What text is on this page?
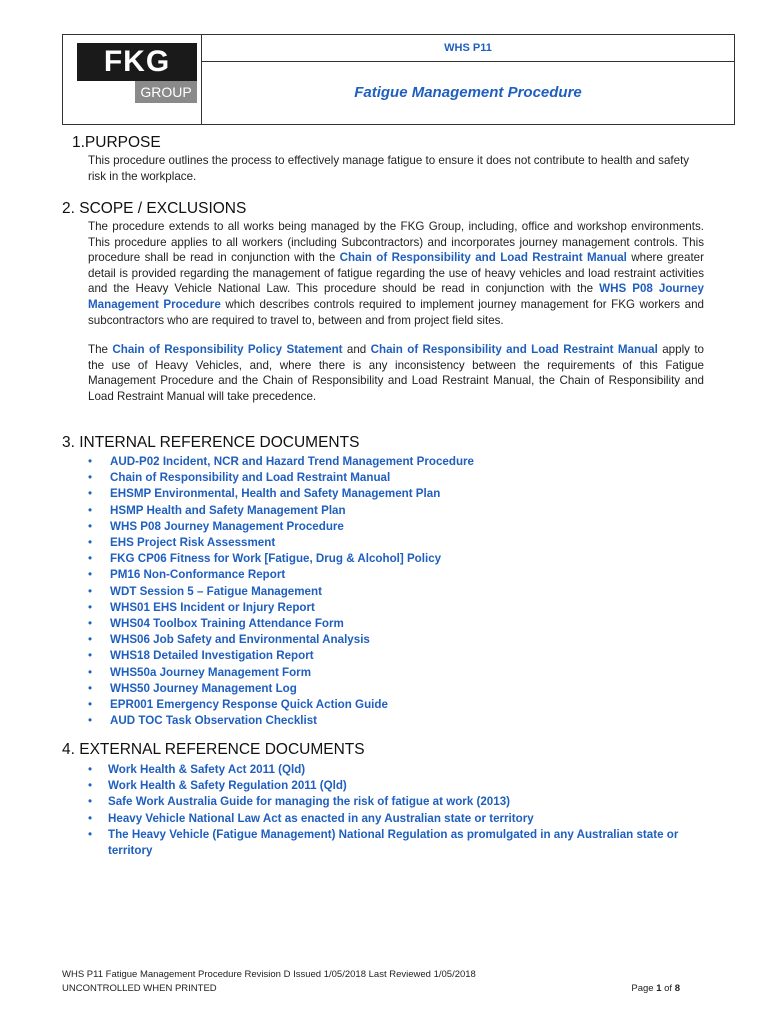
FKG
GROUP
WHS P11
Fatigue Management Procedure
1.PURPOSE
This procedure outlines the process to effectively manage fatigue to ensure it does not contribute to health and safety risk in the workplace.
2. SCOPE / EXCLUSIONS
The procedure extends to all works being managed by the FKG Group, including, office and workshop environments. This procedure applies to all workers (including Subcontractors) and incorporates journey management controls. This procedure shall be read in conjunction with the Chain of Responsibility and Load Restraint Manual where greater detail is provided regarding the management of fatigue regarding the use of heavy vehicles and load restraint activities and the Heavy Vehicle National Law. This procedure should be read in conjunction with the WHS P08 Journey Management Procedure which describes controls required to implement journey management for FKG workers and subcontractors who are required to travel to, between and from project field sites.
The Chain of Responsibility Policy Statement and Chain of Responsibility and Load Restraint Manual apply to the use of Heavy Vehicles, and, where there is any inconsistency between the requirements of this Fatigue Management Procedure and the Chain of Responsibility and Load Restraint Manual, the Chain of Responsibility and Load Restraint Manual will take precedence.
3. INTERNAL REFERENCE DOCUMENTS
• AUD-P02 Incident, NCR and Hazard Trend Management Procedure
• Chain of Responsibility and Load Restraint Manual
• EHSMP Environmental, Health and Safety Management Plan
• HSMP Health and Safety Management Plan
• WHS P08 Journey Management Procedure
• EHS Project Risk Assessment
• FKG CP06 Fitness for Work [Fatigue, Drug & Alcohol] Policy
• PM16 Non-Conformance Report
• WDT Session 5 – Fatigue Management
• WHS01 EHS Incident or Injury Report
• WHS04 Toolbox Training Attendance Form
• WHS06 Job Safety and Environmental Analysis
• WHS18 Detailed Investigation Report
• WHS50a Journey Management Form
• WHS50 Journey Management Log
• EPR001 Emergency Response Quick Action Guide
• AUD TOC Task Observation Checklist
4. EXTERNAL REFERENCE DOCUMENTS
• Work Health & Safety Act 2011 (Qld)
• Work Health & Safety Regulation 2011 (Qld)
• Safe Work Australia Guide for managing the risk of fatigue at work (2013)
• Heavy Vehicle National Law Act as enacted in any Australian state or territory
• The Heavy Vehicle (Fatigue Management) National Regulation as promulgated in any Australian state or territory
WHS P11 Fatigue Management Procedure Revision D Issued 1/05/2018 Last Reviewed 1/05/2018
UNCONTROLLED WHEN PRINTED	Page 1 of 8
